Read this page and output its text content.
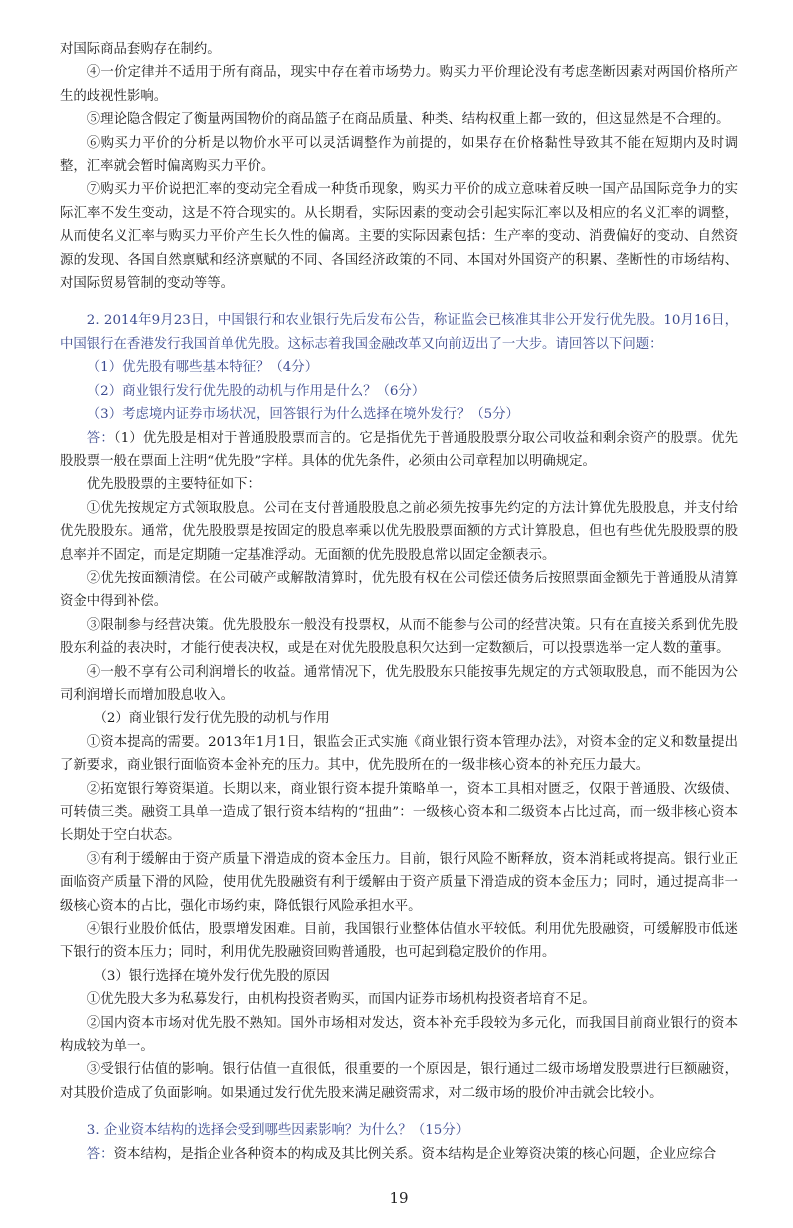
对国际商品套购存在制约。

④一价定律并不适用于所有商品，现实中存在着市场势力。购买力平价理论没有考虑垄断因素对两国价格所产生的歧视性影响。

⑤理论隐含假定了衡量两国物价的商品篮子在商品质量、种类、结构权重上都一致的，但这显然是不合理的。

⑥购买力平价的分析是以物价水平可以灵活调整作为前提的，如果存在价格黏性导致其不能在短期内及时调整，汇率就会暂时偏离购买力平价。

⑦购买力平价说把汇率的变动完全看成一种货币现象，购买力平价的成立意味着反映一国产品国际竞争力的实际汇率不发生变动，这是不符合现实的。从长期看，实际因素的变动会引起实际汇率以及相应的名义汇率的调整，从而使名义汇率与购买力平价产生长久性的偏离。主要的实际因素包括：生产率的变动、消费偏好的变动、自然资源的发现、各国自然禀赋和经济禀赋的不同、各国经济政策的不同、本国对外国资产的积累、垄断性的市场结构、对国际贸易管制的变动等等。

2. 2014年9月23日，中国银行和农业银行先后发布公告，称证监会已核准其非公开发行优先股。10月16日，中国银行在香港发行我国首单优先股。这标志着我国金融改革又向前迈出了一大步。请回答以下问题：

（1）优先股有哪些基本特征？（4分）

（2）商业银行发行优先股的动机与作用是什么？（6分）

（3）考虑境内证券市场状况，回答银行为什么选择在境外发行？（5分）

答：（1）优先股是相对于普通股股票而言的。它是指优先于普通股股票分取公司收益和剩余资产的股票。优先股股票一般在票面上注明“优先股”字样。具体的优先条件，必须由公司章程加以明确规定。

优先股股票的主要特征如下：

①优先按规定方式领取股息。公司在支付普通股股息之前必须先按事先约定的方法计算优先股股息，并支付给优先股股东。通常，优先股股票是按固定的股息率乘以优先股股票面额的方式计算股息，但也有些优先股股票的股息率并不固定，而是定期随一定基准浮动。无面额的优先股股息常以固定金额表示。

②优先按面额清偿。在公司破产或解散清算时，优先股有权在公司偿还债务后按照票面金额先于普通股从清算资金中得到补偿。

③限制参与经营决策。优先股股东一般没有投票权，从而不能参与公司的经营决策。只有在直接关系到优先股股东利益的表决时，才能行使表决权，或是在对优先股股息积欠达到一定数额后，可以投票选举一定人数的董事。

④一般不享有公司利润增长的收益。通常情况下，优先股股东只能按事先规定的方式领取股息，而不能因为公司利润增长而增加股息收入。

（2）商业银行发行优先股的动机与作用

①资本提高的需要。2013年1月1日，银监会正式实施《商业银行资本管理办法》，对资本金的定义和数量提出了新要求，商业银行面临资本金补充的压力。其中，优先股所在的一级非核心资本的补充压力最大。

②拓宽银行筹资渠道。长期以来，商业银行资本提升策略单一，资本工具相对匮乏，仅限于普通股、次级债、可转债三类。融资工具单一造成了银行资本结构的“扭曲”：一级核心资本和二级资本占比过高，而一级非核心资本长期处于空白状态。

③有利于缓解由于资产质量下滑造成的资本金压力。目前，银行风险不断释放，资本消耗或将提高。银行业正面临资产质量下滑的风险，使用优先股融资有利于缓解由于资产质量下滑造成的资本金压力；同时，通过提高非一级核心资本的占比，强化市场约束，降低银行风险承担水平。

④银行业股价低估，股票增发困难。目前，我国银行业整体估值水平较低。利用优先股融资，可缓解股市低迷下银行的资本压力；同时，利用优先股融资回购普通股，也可起到稳定股价的作用。

（3）银行选择在境外发行优先股的原因

①优先股大多为私募发行，由机构投资者购买，而国内证券市场机构投资者培育不足。

②国内资本市场对优先股不熟知。国外市场相对发达，资本补充手段较为多元化，而我国目前商业银行的资本构成较为单一。

③受银行估值的影响。银行估值一直很低，很重要的一个原因是，银行通过二级市场增发股票进行巨额融资，对其股价造成了负面影响。如果通过发行优先股来满足融资需求，对二级市场的股价冲击就会比较小。

3. 企业资本结构的选择会受到哪些因素影响？为什么？（15分）

答：资本结构，是指企业各种资本的构成及其比例关系。资本结构是企业筹资决策的核心问题，企业应综合

19
